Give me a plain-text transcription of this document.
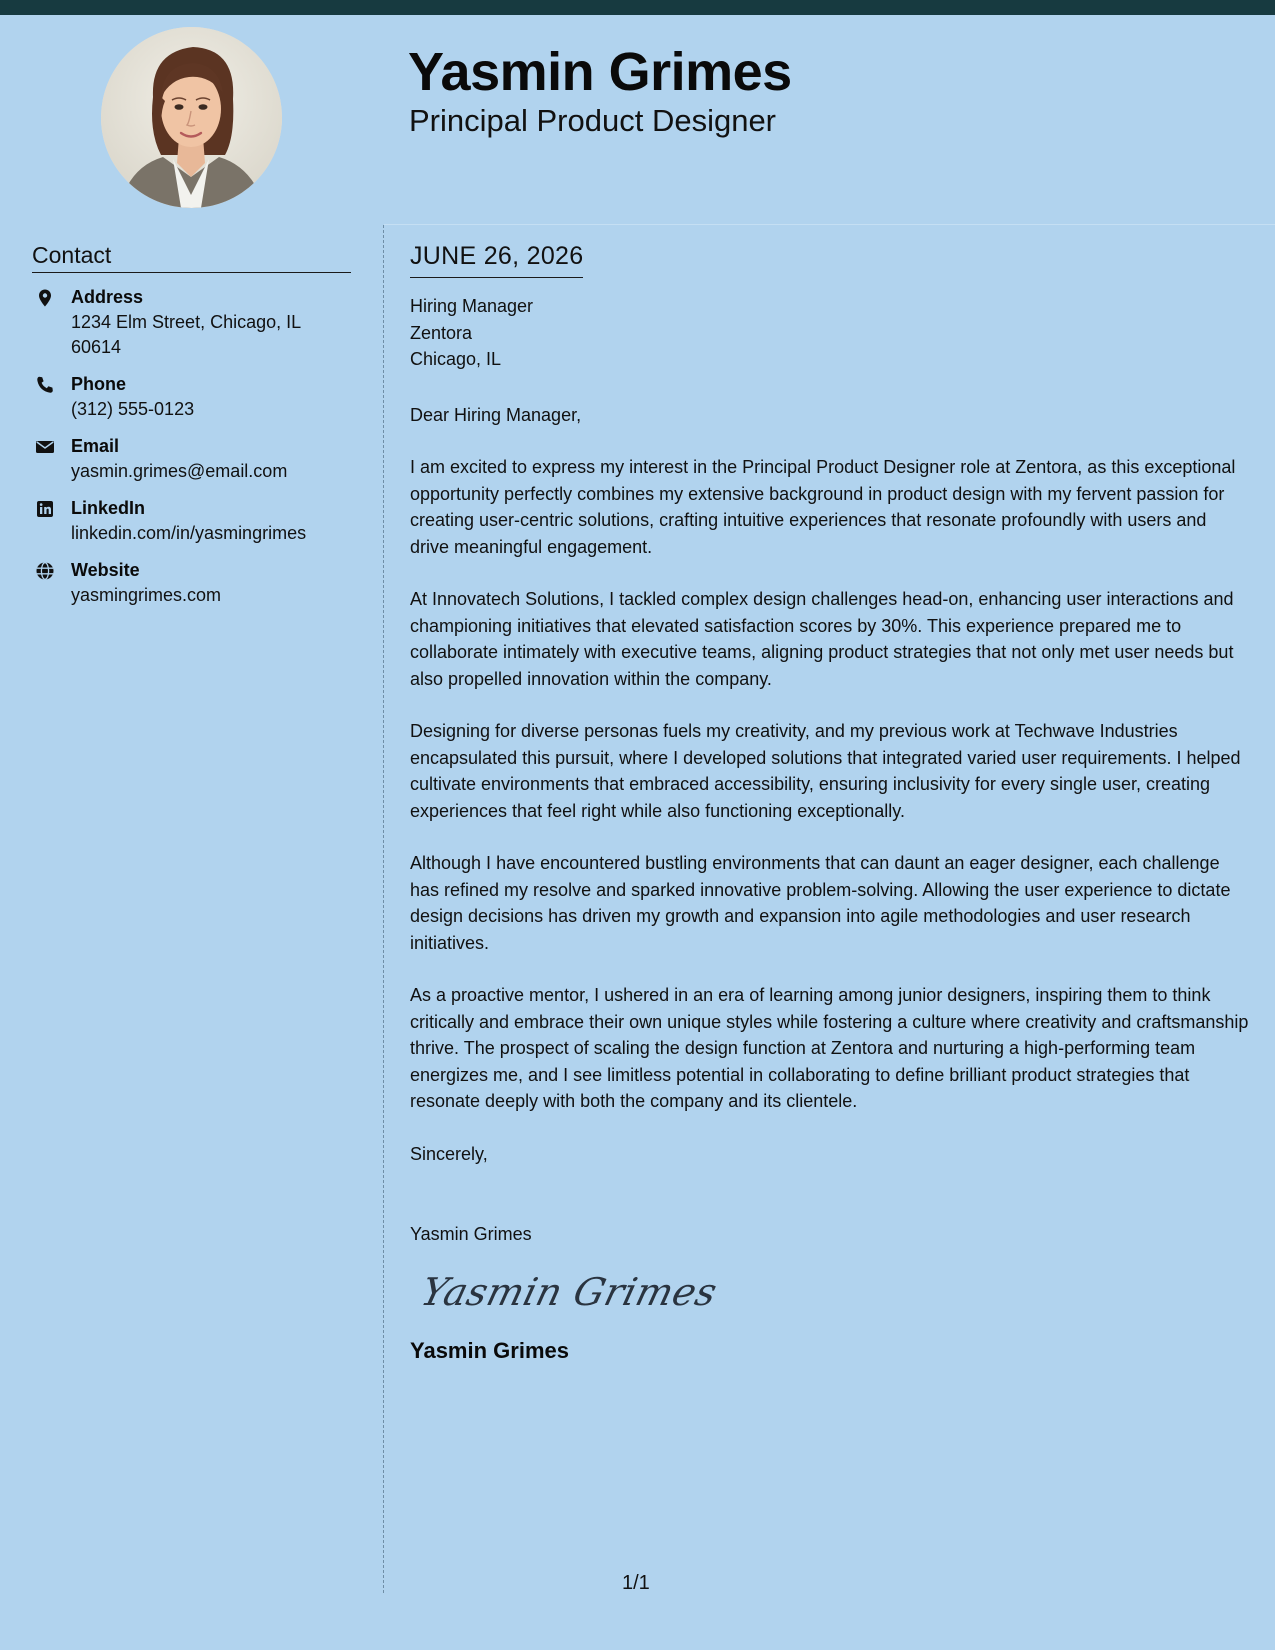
Yasmin Grimes
Principal Product Designer
Contact
Address
1234 Elm Street, Chicago, IL
60614
Phone
(312) 555-0123
Email
yasmin.grimes@email.com
LinkedIn
linkedin.com/in/yasmingrimes
Website
yasmingrimes.com
JUNE 26, 2026
Hiring Manager
Zentora
Chicago, IL
Dear Hiring Manager,
I am excited to express my interest in the Principal Product Designer role at Zentora, as this exceptional opportunity perfectly combines my extensive background in product design with my fervent passion for creating user-centric solutions, crafting intuitive experiences that resonate profoundly with users and drive meaningful engagement.
At Innovatech Solutions, I tackled complex design challenges head-on, enhancing user interactions and championing initiatives that elevated satisfaction scores by 30%. This experience prepared me to collaborate intimately with executive teams, aligning product strategies that not only met user needs but also propelled innovation within the company.
Designing for diverse personas fuels my creativity, and my previous work at Techwave Industries encapsulated this pursuit, where I developed solutions that integrated varied user requirements. I helped cultivate environments that embraced accessibility, ensuring inclusivity for every single user, creating experiences that feel right while also functioning exceptionally.
Although I have encountered bustling environments that can daunt an eager designer, each challenge has refined my resolve and sparked innovative problem-solving. Allowing the user experience to dictate design decisions has driven my growth and expansion into agile methodologies and user research initiatives.
As a proactive mentor, I ushered in an era of learning among junior designers, inspiring them to think critically and embrace their own unique styles while fostering a culture where creativity and craftsmanship thrive. The prospect of scaling the design function at Zentora and nurturing a high-performing team energizes me, and I see limitless potential in collaborating to define brilliant product strategies that resonate deeply with both the company and its clientele.
Sincerely,
Yasmin Grimes
Yasmin Grimes
Yasmin Grimes
1/1
